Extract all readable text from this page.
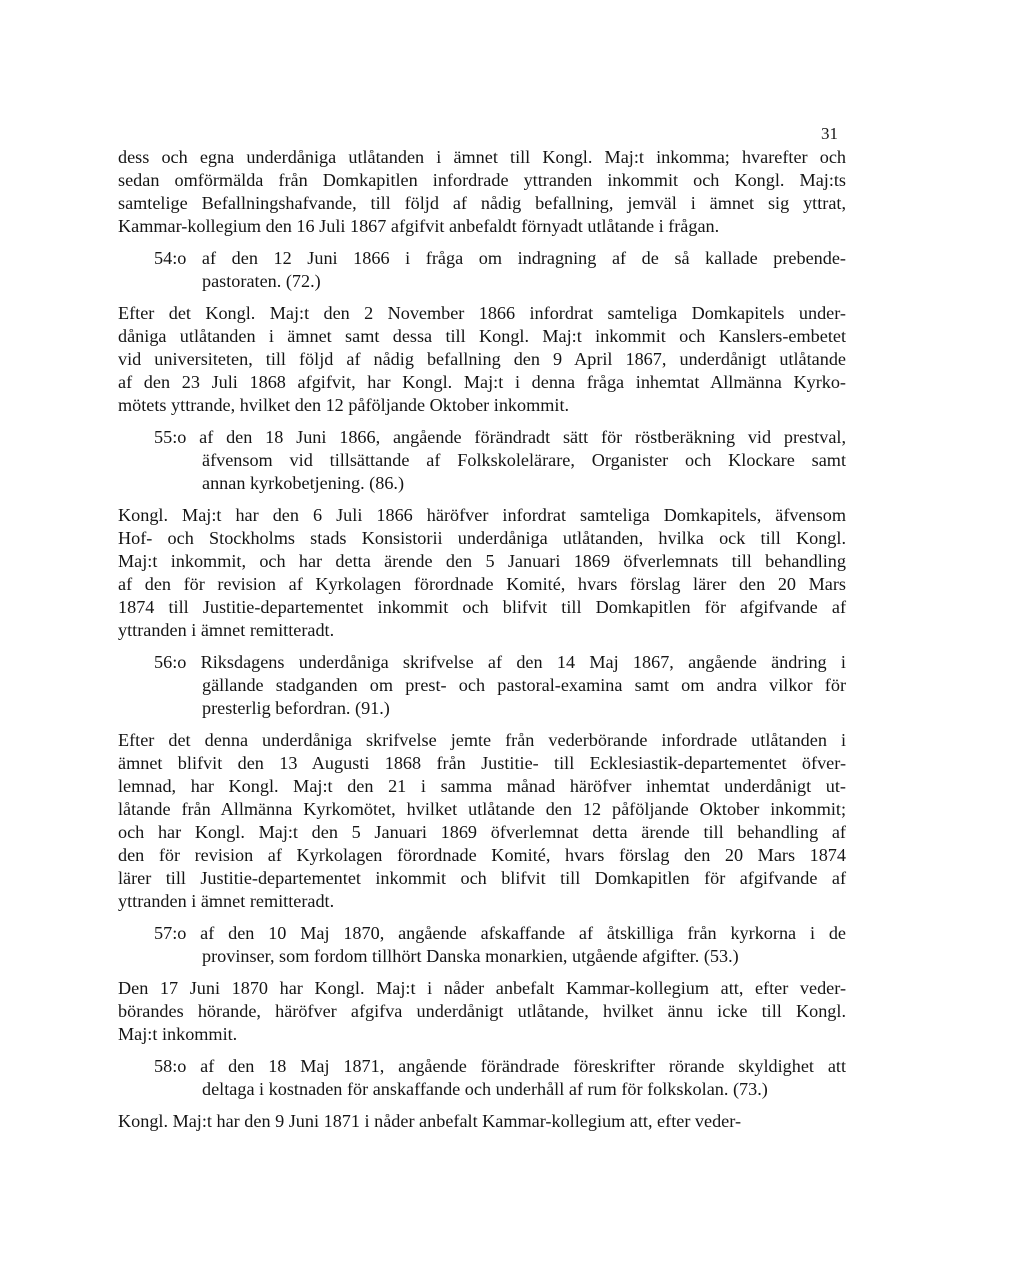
31
dess och egna underdåniga utlåtanden i ämnet till Kongl. Maj:t inkomma; hvarefter och
sedan omförmälda från Domkapitlen infordrade yttranden inkommit och Kongl. Maj:ts
samtelige Befallningshafvande, till följd af nådig befallning, jemväl i ämnet sig yttrat,
Kammar-kollegium den 16 Juli 1867 afgifvit anbefaldt förnyadt utlåtande i frågan.
54:o af den 12 Juni 1866 i fråga om indragning af de så kallade prebende-
pastoraten. (72.)
Efter det Kongl. Maj:t den 2 November 1866 infordrat samteliga Domkapitels under-
dåniga utlåtanden i ämnet samt dessa till Kongl. Maj:t inkommit och Kanslers-embetet
vid universiteten, till följd af nådig befallning den 9 April 1867, underdånigt utlåtande
af den 23 Juli 1868 afgifvit, har Kongl. Maj:t i denna fråga inhemtat Allmänna Kyrko-
mötets yttrande, hvilket den 12 påföljande Oktober inkommit.
55:o af den 18 Juni 1866, angående förändradt sätt för röstberäkning vid prestval,
äfvensom vid tillsättande af Folkskolelärare, Organister och Klockare samt
annan kyrkobetjening. (86.)
Kongl. Maj:t har den 6 Juli 1866 häröfver infordrat samteliga Domkapitels, äfvensom
Hof- och Stockholms stads Konsistorii underdåniga utlåtanden, hvilka ock till Kongl.
Maj:t inkommit, och har detta ärende den 5 Januari 1869 öfverlemnats till behandling
af den för revision af Kyrkolagen förordnade Komité, hvars förslag lärer den 20 Mars
1874 till Justitie-departementet inkommit och blifvit till Domkapitlen för afgifvande af
yttranden i ämnet remitteradt.
56:o Riksdagens underdåniga skrifvelse af den 14 Maj 1867, angående ändring i
gällande stadganden om prest- och pastoral-examina samt om andra vilkor för
presterlig befordran. (91.)
Efter det denna underdåniga skrifvelse jemte från vederbörande infordrade utlåtanden i
ämnet blifvit den 13 Augusti 1868 från Justitie- till Ecklesiastik-departementet öfver-
lemnad, har Kongl. Maj:t den 21 i samma månad häröfver inhemtat underdånigt ut-
låtande från Allmänna Kyrkomötet, hvilket utlåtande den 12 påföljande Oktober inkommit;
och har Kongl. Maj:t den 5 Januari 1869 öfverlemnat detta ärende till behandling af
den för revision af Kyrkolagen förordnade Komité, hvars förslag den 20 Mars 1874
lärer till Justitie-departementet inkommit och blifvit till Domkapitlen för afgifvande af
yttranden i ämnet remitteradt.
57:o af den 10 Maj 1870, angående afskaffande af åtskilliga från kyrkorna i de
provinser, som fordom tillhört Danska monarkien, utgående afgifter. (53.)
Den 17 Juni 1870 har Kongl. Maj:t i nåder anbefalt Kammar-kollegium att, efter veder-
börandes hörande, häröfver afgifva underdånigt utlåtande, hvilket ännu icke till Kongl.
Maj:t inkommit.
58:o af den 18 Maj 1871, angående förändrade föreskrifter rörande skyldighet att
deltaga i kostnaden för anskaffande och underhåll af rum för folkskolan. (73.)
Kongl. Maj:t har den 9 Juni 1871 i nåder anbefalt Kammar-kollegium att, efter veder-
